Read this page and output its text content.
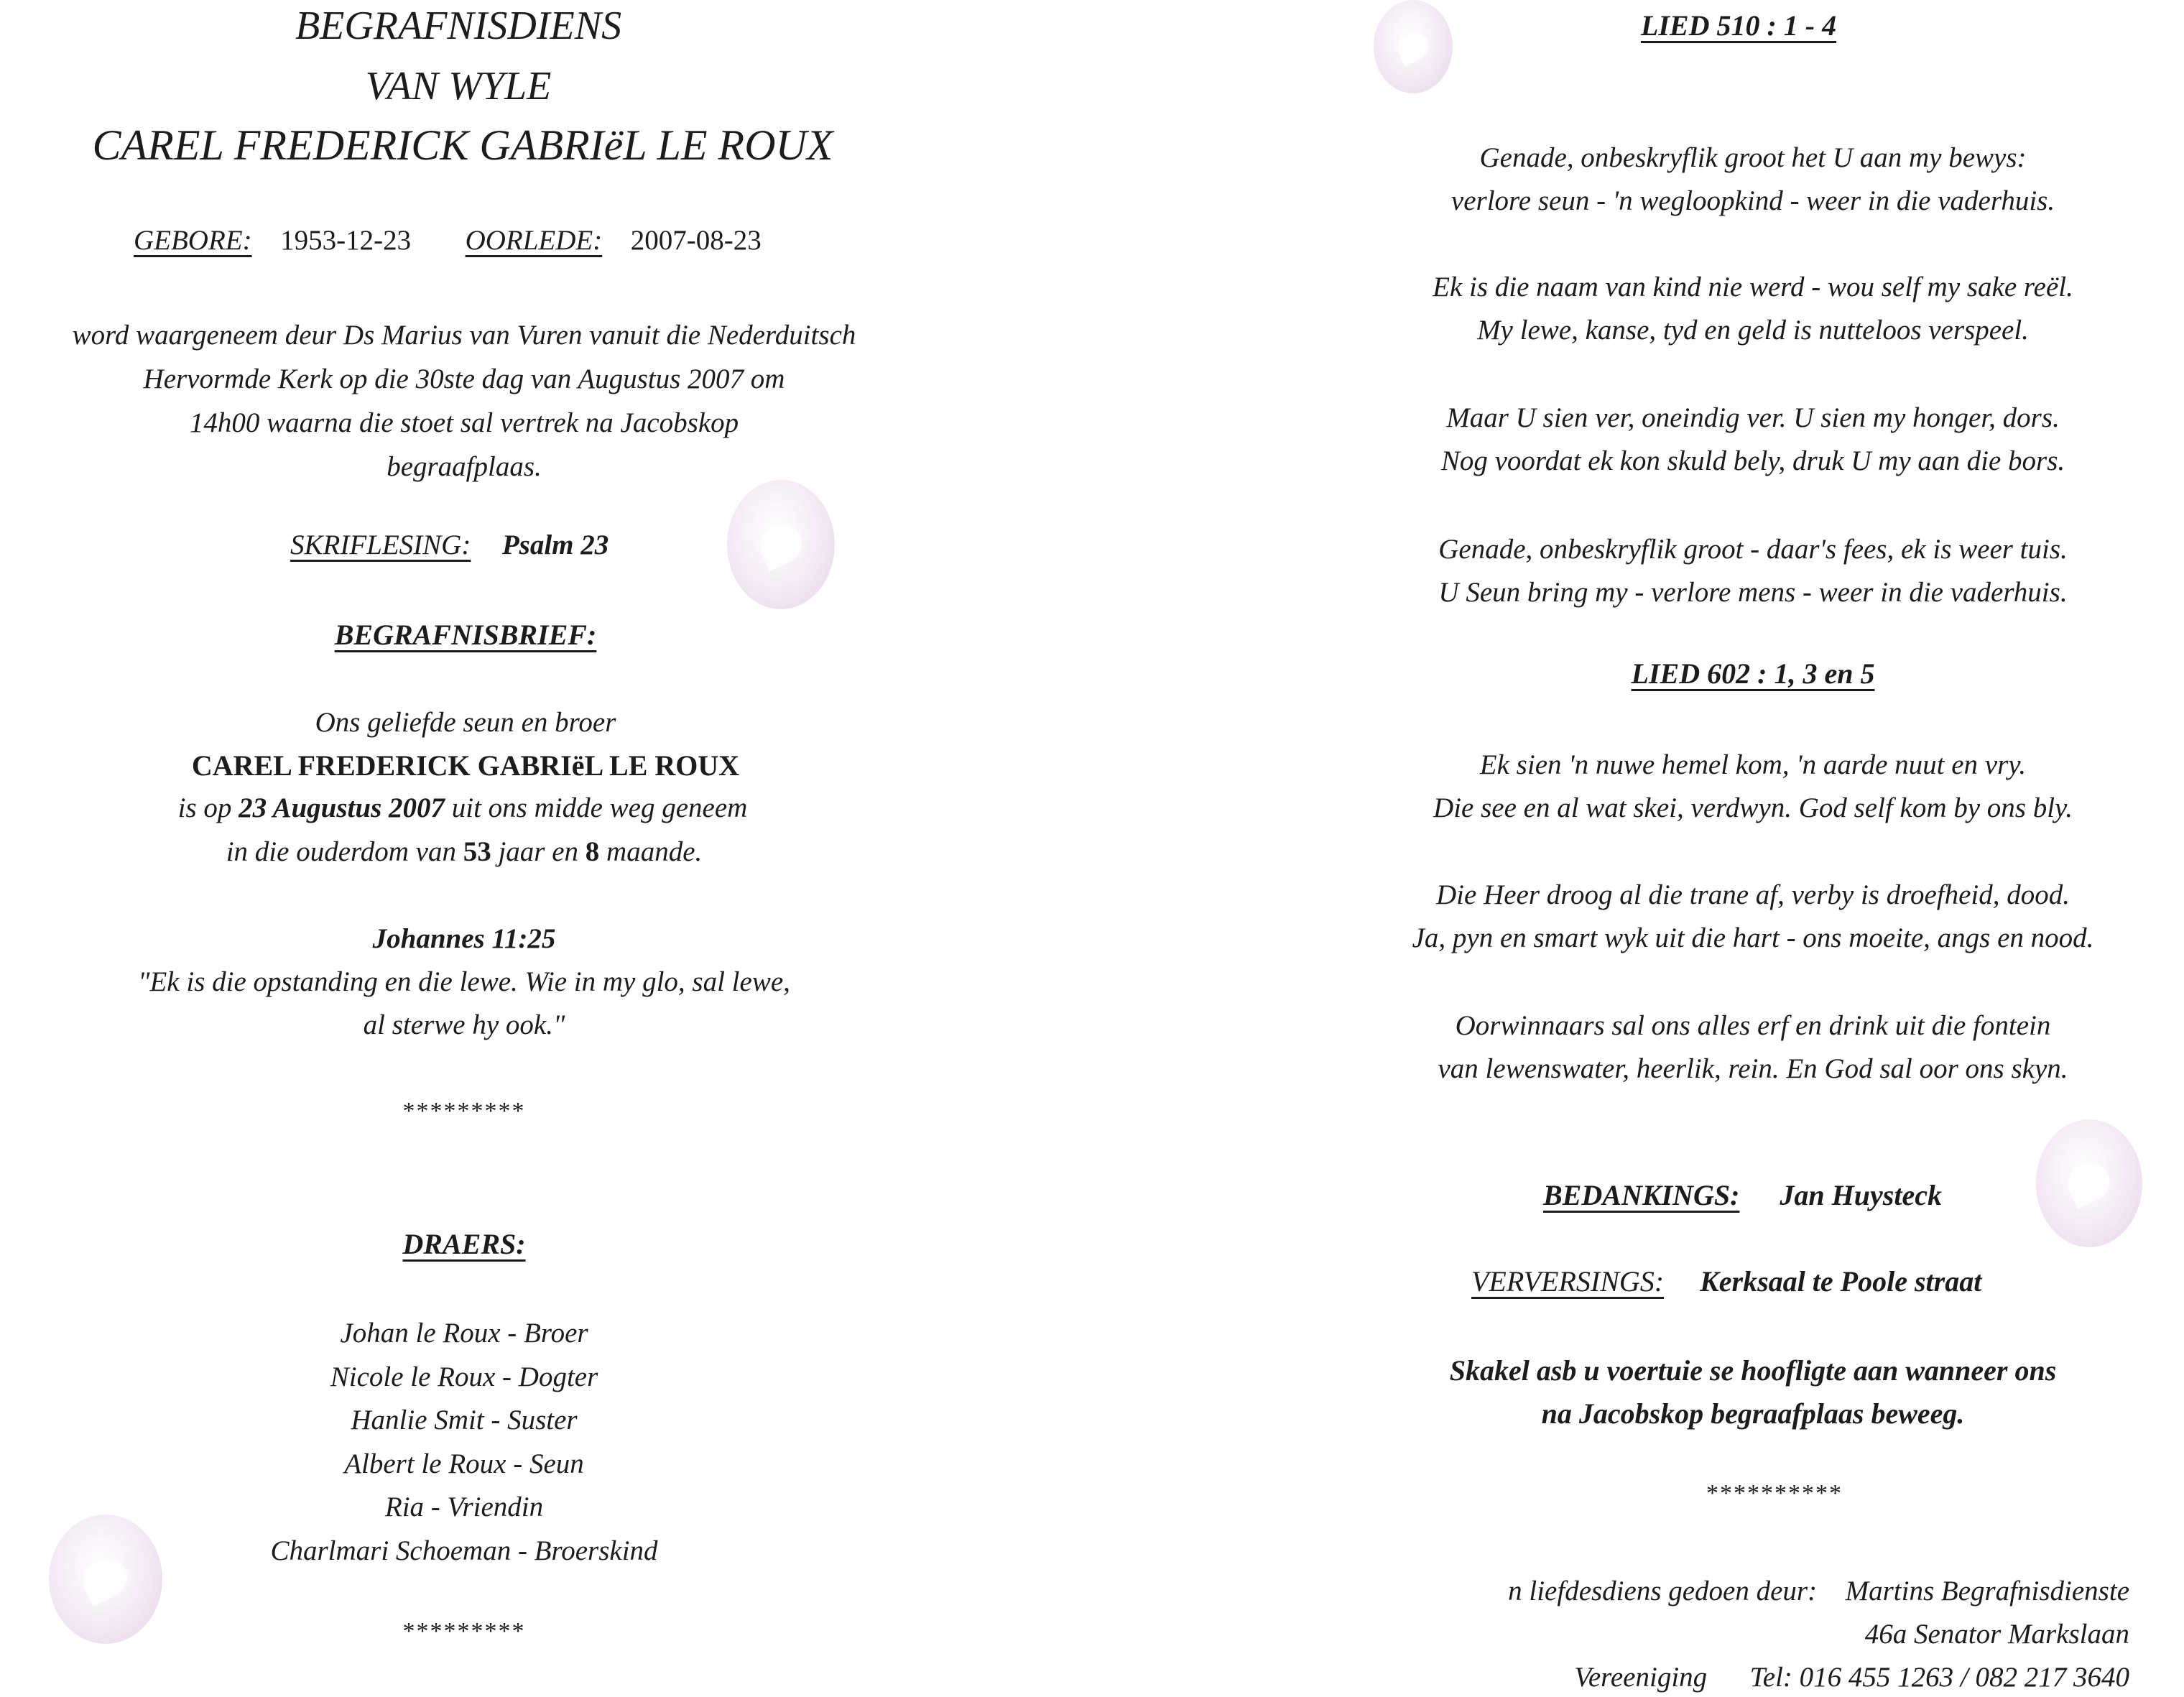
BEGRAFNISDIENS
VAN WYLE
CAREL FREDERICK GABRIëL LE ROUX
GEBORE: 1953-12-23 OORLEDE: 2007-08-23

word waargeneem deur Ds Marius van Vuren vanuit die Nederduitsch

Hervormde Kerk op die 30ste dag van Augustus 2007 om

14h00 waarna die stoet sal vertrek na Jacobskop

begraafplaas.

SKRIFLESING: Psalm 23
BEGRAFNISBRIEF:
Ons geliefde seun en broer
CAREL FREDERICK GABRIëL LE ROUX
is op 23 Augustus 2007 uit ons midde weg geneem
in die ouderdom van 53 jaar en 8 maande.
Johannes 11:25
"Ek is die opstanding en die lewe. Wie in my glo, sal lewe,
al sterwe hy ook."
*********
DRAERS:

Johan le Roux - Broer

Nicole le Roux - Dogter

Hanlie Smit - Suster

Albert le Roux - Seun

Ria - Vriendin

Charlmari Schoeman - Broerskind

*********
LIED 510 : 1 - 4

Genade, onbeskryflik groot het U aan my bewys:

verlore seun - 'n wegloopkind - weer in die vaderhuis.

Ek is die naam van kind nie werd - wou self my sake reël.

My lewe, kanse, tyd en geld is nutteloos verspeel.

Maar U sien ver, oneindig ver. U sien my honger, dors.

Nog voordat ek kon skuld bely, druk U my aan die bors.

Genade, onbeskryflik groot - daar's fees, ek is weer tuis.

U Seun bring my - verlore mens - weer in die vaderhuis.

LIED 602 : 1, 3 en 5

Ek sien 'n nuwe hemel kom, 'n aarde nuut en vry.

Die see en al wat skei, verdwyn. God self kom by ons bly.

Die Heer droog al die trane af, verby is droefheid, dood.

Ja, pyn en smart wyk uit die hart - ons moeite, angs en nood.

Oorwinnaars sal ons alles erf en drink uit die fontein

van lewenswater, heerlik, rein. En God sal oor ons skyn.

BEDANKINGS: Jan Huysteck
VERVERSINGS: Kerksaal te Poole straat
Skakel asb u voertuie se hoofligte aan wanneer ons
na Jacobskop begraafplaas beweeg.
**********
n liefdesdiens gedoen deur: Martins Begrafnisdienste
46a Senator Markslaan
Vereeniging Tel: 016 455 1263 / 082 217 3640
